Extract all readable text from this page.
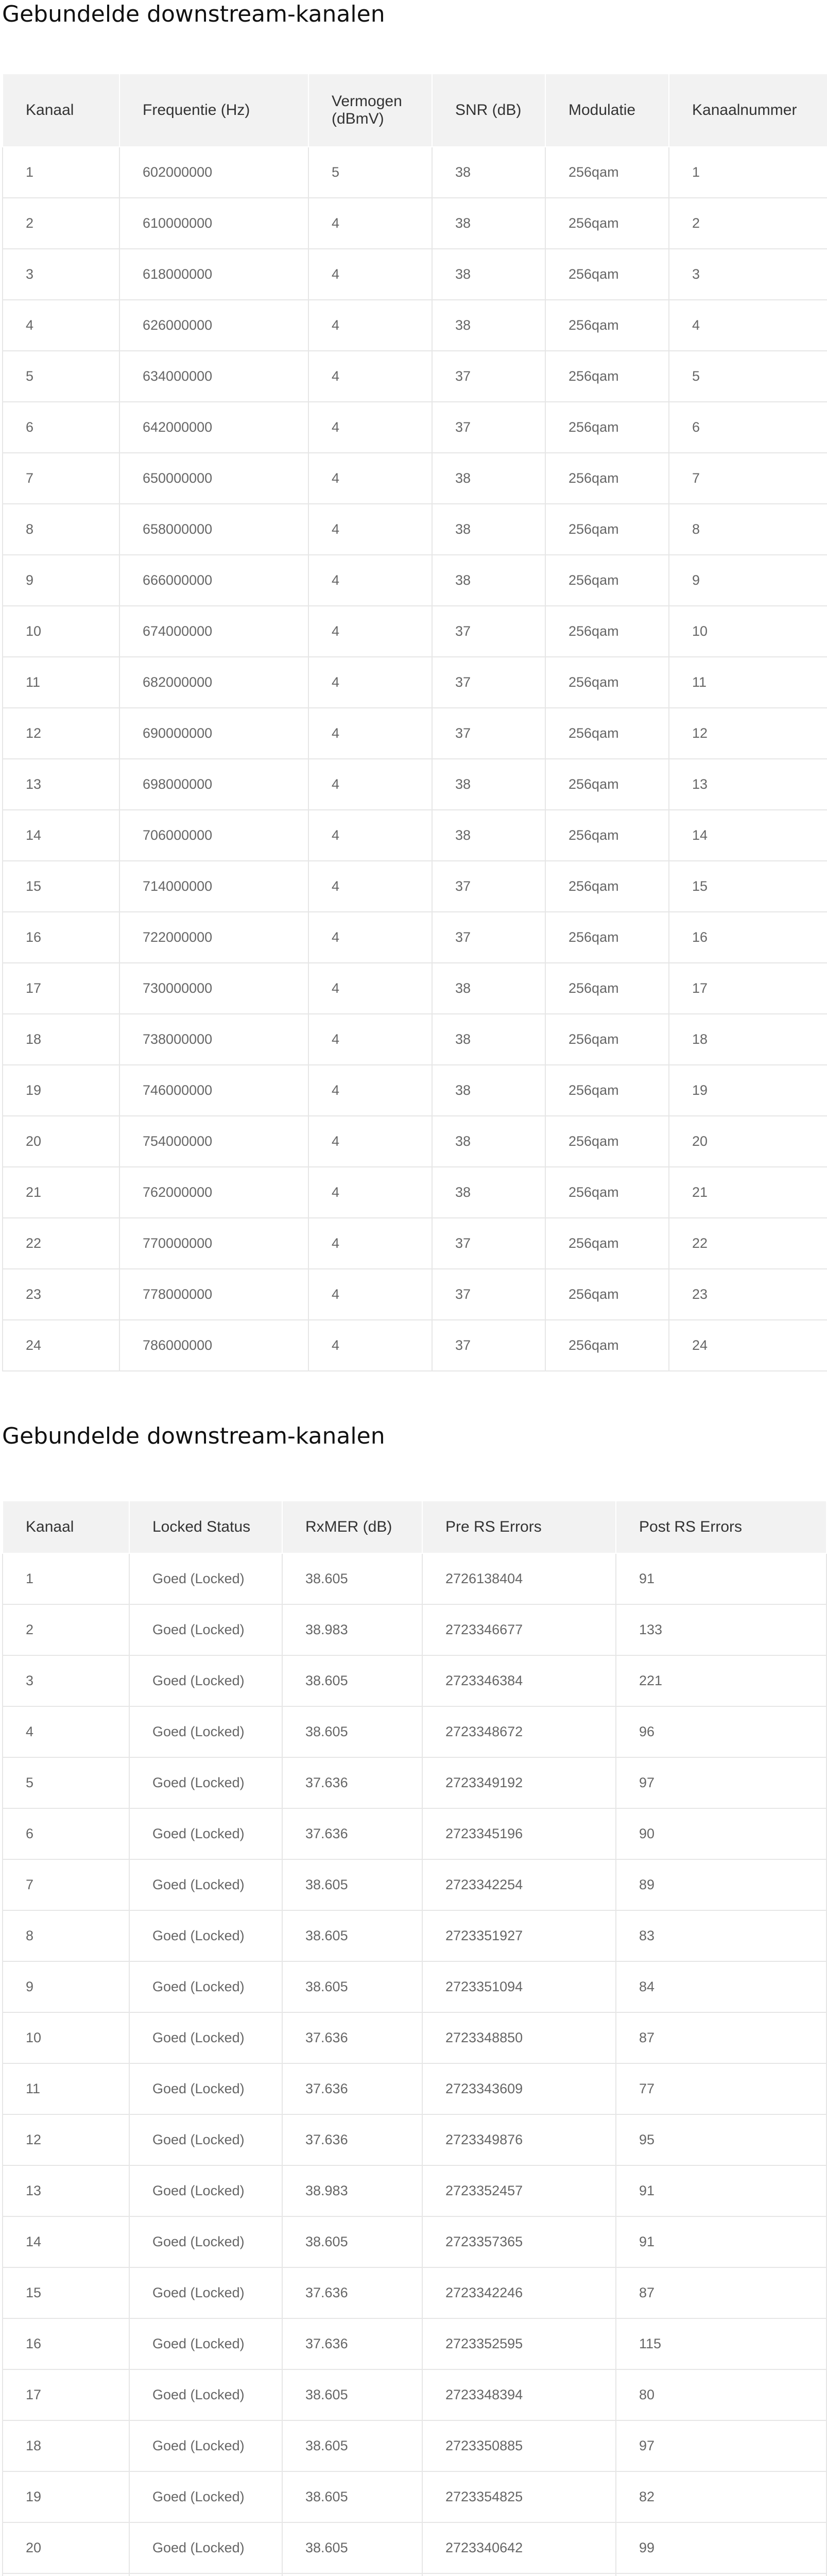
Gebundelde downstream-kanalen
Kanaal	Frequentie (Hz)	Vermogen (dBmV)	SNR (dB)	Modulatie	Kanaalnummer
1	602000000	5	38	256qam	1
2	610000000	4	38	256qam	2
3	618000000	4	38	256qam	3
4	626000000	4	38	256qam	4
5	634000000	4	37	256qam	5
6	642000000	4	37	256qam	6
7	650000000	4	38	256qam	7
8	658000000	4	38	256qam	8
9	666000000	4	38	256qam	9
10	674000000	4	37	256qam	10
11	682000000	4	37	256qam	11
12	690000000	4	37	256qam	12
13	698000000	4	38	256qam	13
14	706000000	4	38	256qam	14
15	714000000	4	37	256qam	15
16	722000000	4	37	256qam	16
17	730000000	4	38	256qam	17
18	738000000	4	38	256qam	18
19	746000000	4	38	256qam	19
20	754000000	4	38	256qam	20
21	762000000	4	38	256qam	21
22	770000000	4	37	256qam	22
23	778000000	4	37	256qam	23
24	786000000	4	37	256qam	24
Gebundelde downstream-kanalen
Kanaal	Locked Status	RxMER (dB)	Pre RS Errors	Post RS Errors
1	Goed (Locked)	38.605	2726138404	91
2	Goed (Locked)	38.983	2723346677	133
3	Goed (Locked)	38.605	2723346384	221
4	Goed (Locked)	38.605	2723348672	96
5	Goed (Locked)	37.636	2723349192	97
6	Goed (Locked)	37.636	2723345196	90
7	Goed (Locked)	38.605	2723342254	89
8	Goed (Locked)	38.605	2723351927	83
9	Goed (Locked)	38.605	2723351094	84
10	Goed (Locked)	37.636	2723348850	87
11	Goed (Locked)	37.636	2723343609	77
12	Goed (Locked)	37.636	2723349876	95
13	Goed (Locked)	38.983	2723352457	91
14	Goed (Locked)	38.605	2723357365	91
15	Goed (Locked)	37.636	2723342246	87
16	Goed (Locked)	37.636	2723352595	115
17	Goed (Locked)	38.605	2723348394	80
18	Goed (Locked)	38.605	2723350885	97
19	Goed (Locked)	38.605	2723354825	82
20	Goed (Locked)	38.605	2723340642	99
